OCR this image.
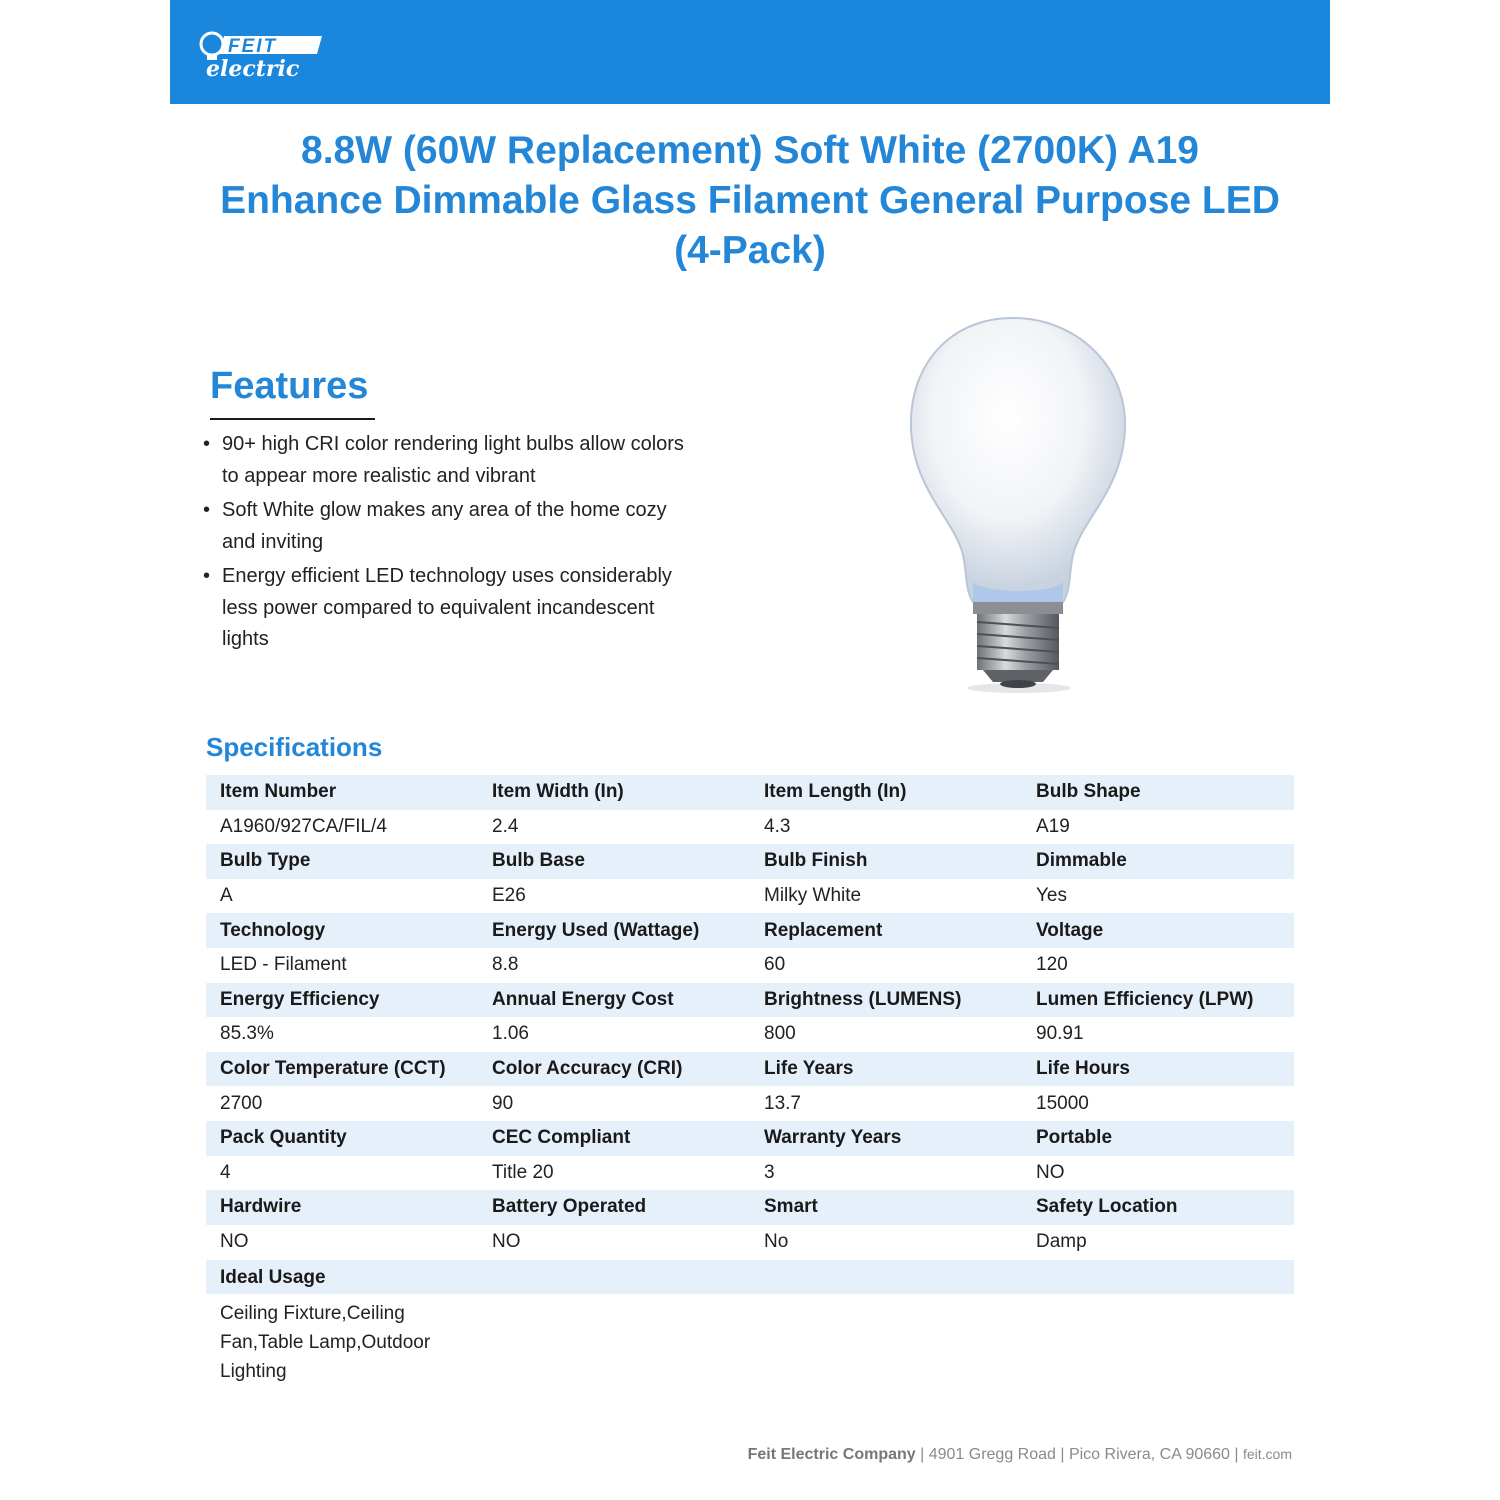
FEIT
electric
8.8W (60W Replacement) Soft White (2700K) A19
Enhance Dimmable Glass Filament General Purpose LED
(4-Pack)
Features
• 90+ high CRI color rendering light bulbs allow colors to appear more realistic and vibrant
• Soft White glow makes any area of the home cozy and inviting
• Energy efficient LED technology uses considerably less power compared to equivalent incandescent lights
Specifications
Item Number	Item Width (In)	Item Length (In)	Bulb Shape
A1960/927CA/FIL/4	2.4	4.3	A19
Bulb Type	Bulb Base	Bulb Finish	Dimmable
A	E26	Milky White	Yes
Technology	Energy Used (Wattage)	Replacement	Voltage
LED - Filament	8.8	60	120
Energy Efficiency	Annual Energy Cost	Brightness (LUMENS)	Lumen Efficiency (LPW)
85.3%	1.06	800	90.91
Color Temperature (CCT)	Color Accuracy (CRI)	Life Years	Life Hours
2700	90	13.7	15000
Pack Quantity	CEC Compliant	Warranty Years	Portable
4	Title 20	3	NO
Hardwire	Battery Operated	Smart	Safety Location
NO	NO	No	Damp
Ideal Usage
Ceiling Fixture,Ceiling Fan,Table Lamp,Outdoor Lighting
Feit Electric Company | 4901 Gregg Road | Pico Rivera, CA 90660 | feit.com
